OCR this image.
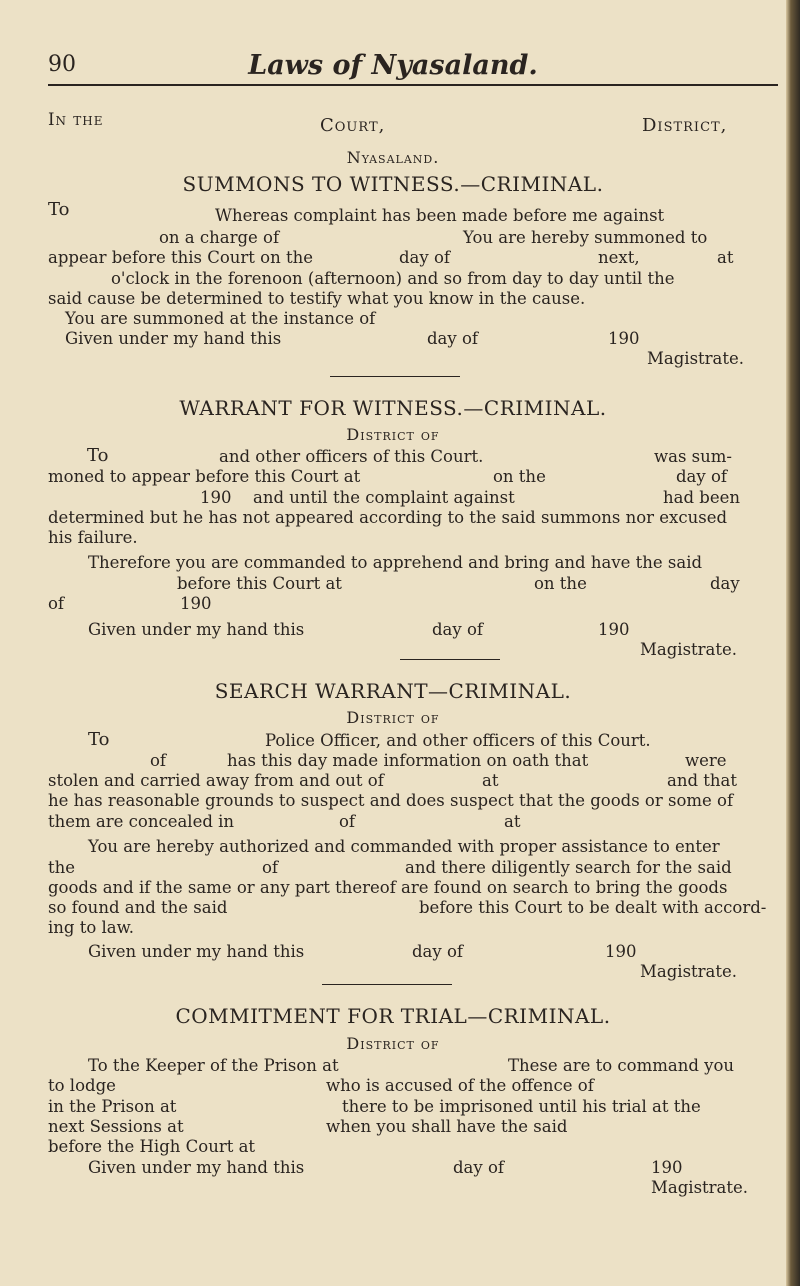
90	Laws of Nyasaland.
In the	Court,	District,
Nyasaland.
SUMMONS TO WITNESS.—CRIMINAL.
To	Whereas complaint has been made before me against
on a charge of	You are hereby summoned to
appear before this Court on the	day of	next,	at
o'clock in the forenoon (afternoon) and so from day to day until the
said cause be determined to testify what you know in the cause.
You are summoned at the instance of
Given under my hand this	day of	190
Magistrate.
WARRANT FOR WITNESS.—CRIMINAL.
District of
To	and other officers of this Court.	was sum-
moned to appear before this Court at	on the	day of
190 and until the complaint against	had been
determined but he has not appeared according to the said summons nor excused
his failure.
Therefore you are commanded to apprehend and bring and have the said
before this Court at	on the	day
of	190
Given under my hand this	day of	190
Magistrate.
SEARCH WARRANT—CRIMINAL.
District of
To	Police Officer, and other officers of this Court.
of	has this day made information on oath that	were
stolen and carried away from and out of	at	and that
he has reasonable grounds to suspect and does suspect that the goods or some of
them are concealed in	of	at
You are hereby authorized and commanded with proper assistance to enter
the	of	and there diligently search for the said
goods and if the same or any part thereof are found on search to bring the goods
so found and the said	before this Court to be dealt with accord-
ing to law.
Given under my hand this	day of	190
Magistrate.
COMMITMENT FOR TRIAL—CRIMINAL.
District of
To the Keeper of the Prison at	These are to command you
to lodge	who is accused of the offence of
in the Prison at	there to be imprisoned until his trial at the
next Sessions at	when you shall have the said
before the High Court at
Given under my hand this	day of	190
Magistrate.
